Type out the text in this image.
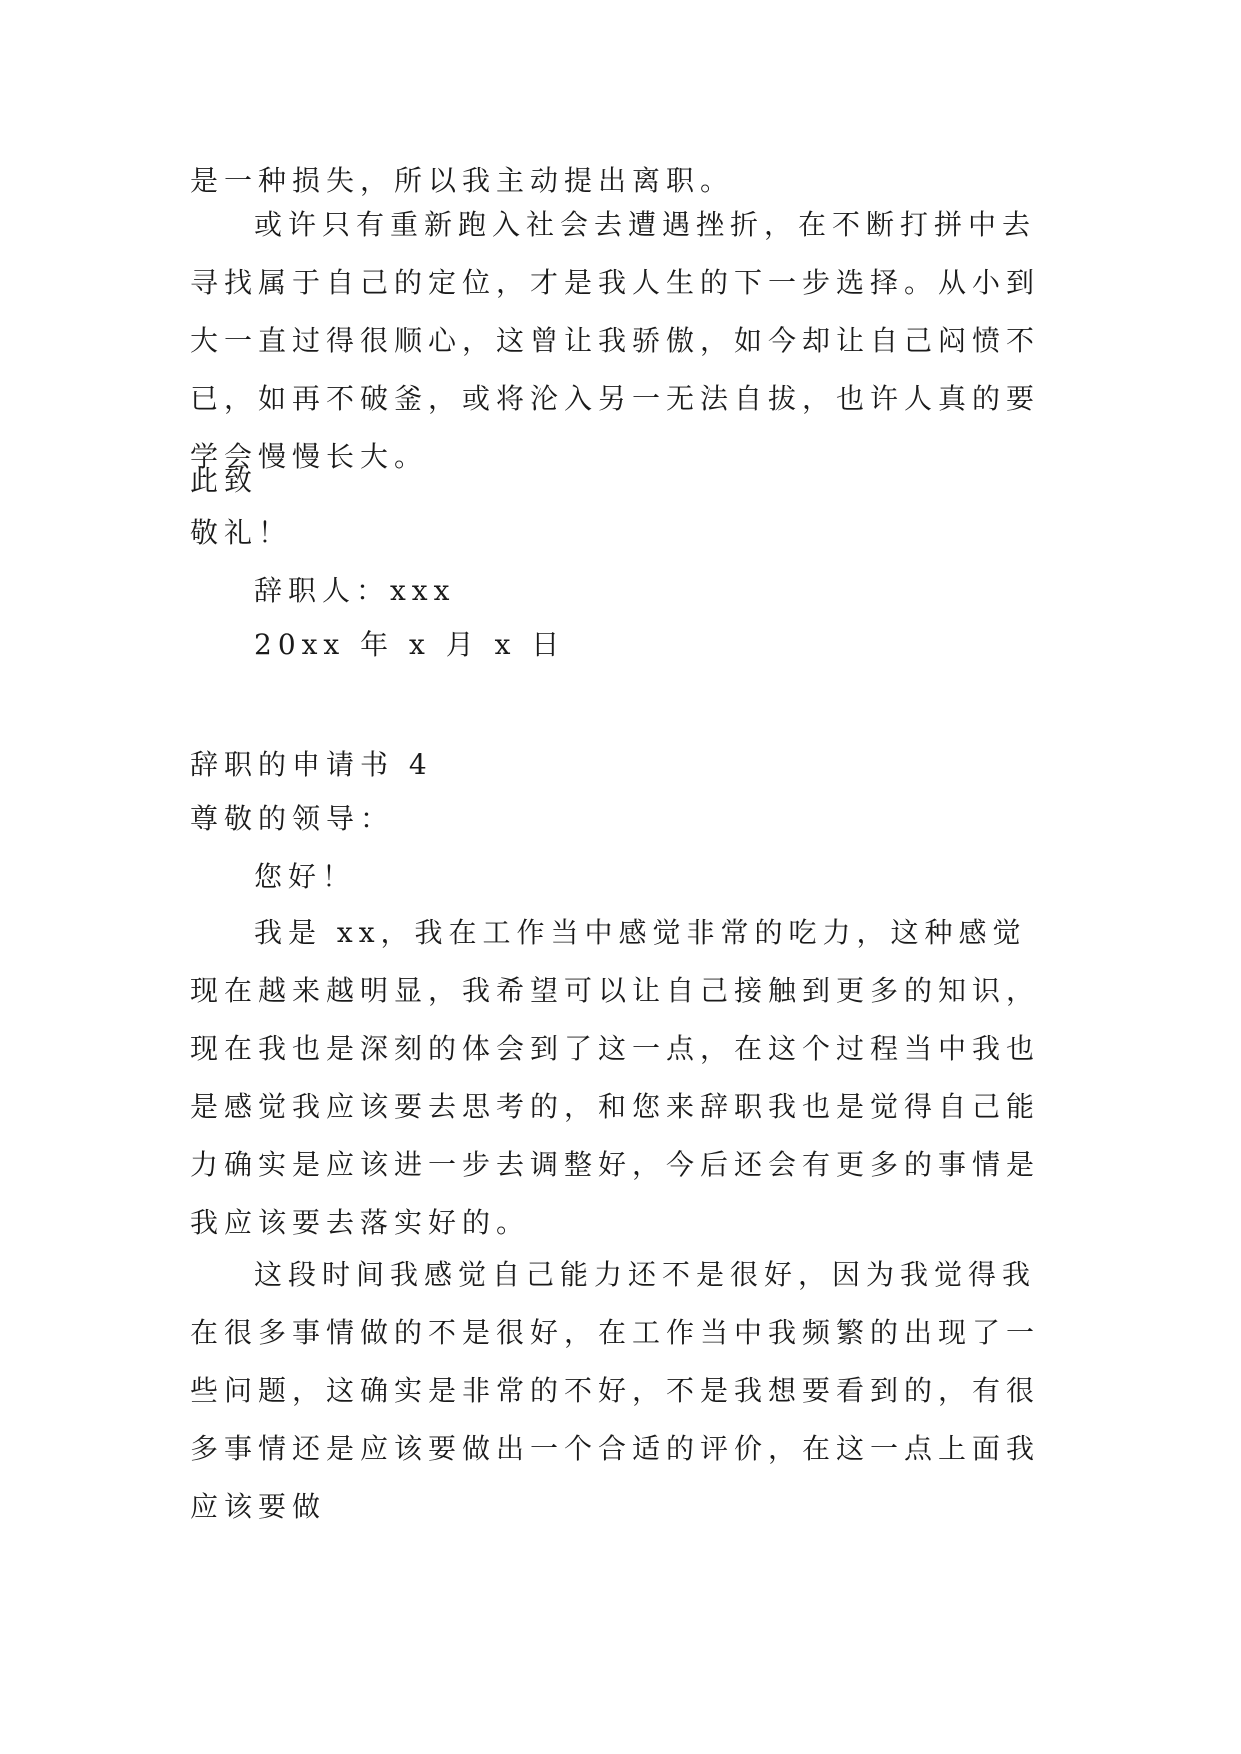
是一种损失，所以我主动提出离职。

或许只有重新跑入社会去遭遇挫折，在不断打拼中去寻找属于自己的定位，才是我人生的下一步选择。从小到大一直过得很顺心，这曾让我骄傲，如今却让自己闷愤不已，如再不破釜，或将沦入另一无法自拔，也许人真的要学会慢慢长大。

此致

敬礼！

辞职人：xxx

20xx 年 x 月 x 日

辞职的申请书 4

尊敬的领导：

您好！

我是 xx，我在工作当中感觉非常的吃力，这种感觉现在越来越明显，我希望可以让自己接触到更多的知识，现在我也是深刻的体会到了这一点，在这个过程当中我也是感觉我应该要去思考的，和您来辞职我也是觉得自己能力确实是应该进一步去调整好，今后还会有更多的事情是我应该要去落实好的。

这段时间我感觉自己能力还不是很好，因为我觉得我在很多事情做的不是很好，在工作当中我频繁的出现了一些问题，这确实是非常的不好，不是我想要看到的，有很多事情还是应该要做出一个合适的评价，在这一点上面我应该要做
